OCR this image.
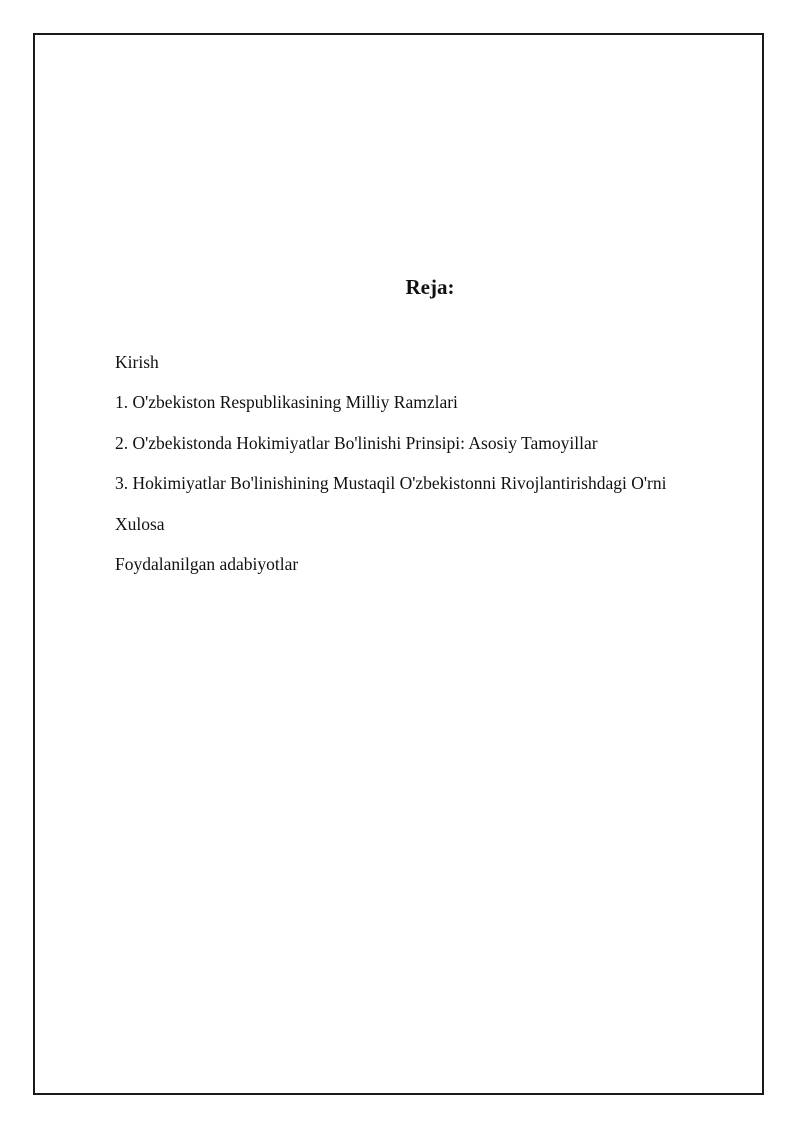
Reja:
Kirish
1. O'zbekiston Respublikasining Milliy Ramzlari
2. O'zbekistonda Hokimiyatlar Bo'linishi Prinsipi: Asosiy Tamoyillar
3. Hokimiyatlar Bo'linishining Mustaqil O'zbekistonni Rivojlantirishdagi O'rni
Xulosa
Foydalanilgan adabiyotlar
